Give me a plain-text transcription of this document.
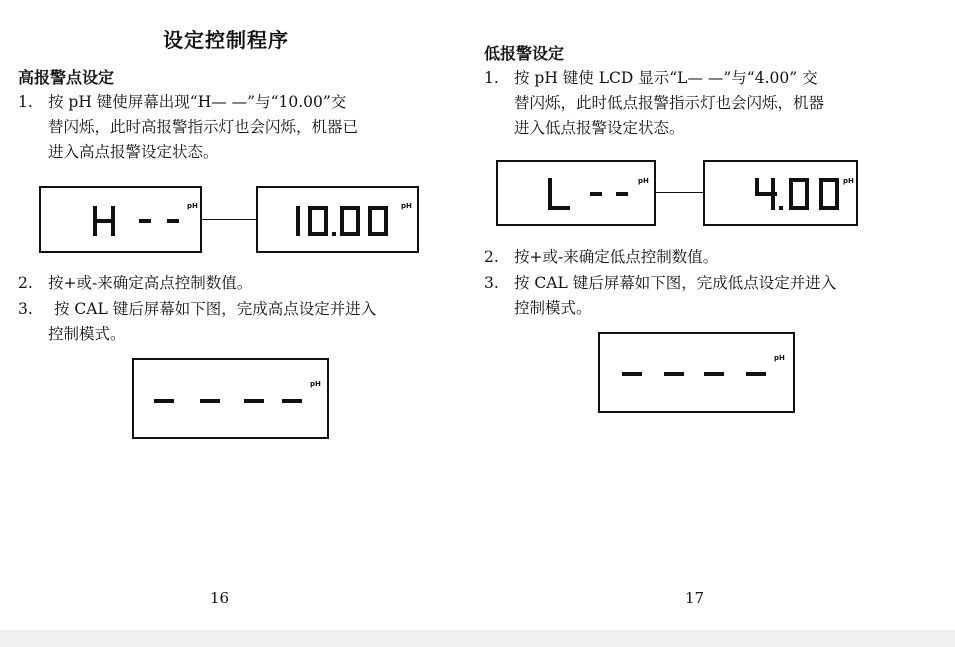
设定控制程序
高报警点设定
1. 按 pH 键使屏幕出现“H— —”与“10.00”交
替闪烁，此时高报警指示灯也会闪烁，机器已
进入高点报警设定状态。
pH	pH
2. 按+或-来确定高点控制数值。
3. 按 CAL 键后屏幕如下图，完成高点设定并进入
控制模式。
pH
16
低报警设定
1. 按 pH 键使 LCD 显示“L— —”与“4.00” 交
替闪烁，此时低点报警指示灯也会闪烁，机器
进入低点报警设定状态。
pH	pH
2. 按+或-来确定低点控制数值。
3. 按 CAL 键后屏幕如下图，完成低点设定并进入
控制模式。
pH
17
